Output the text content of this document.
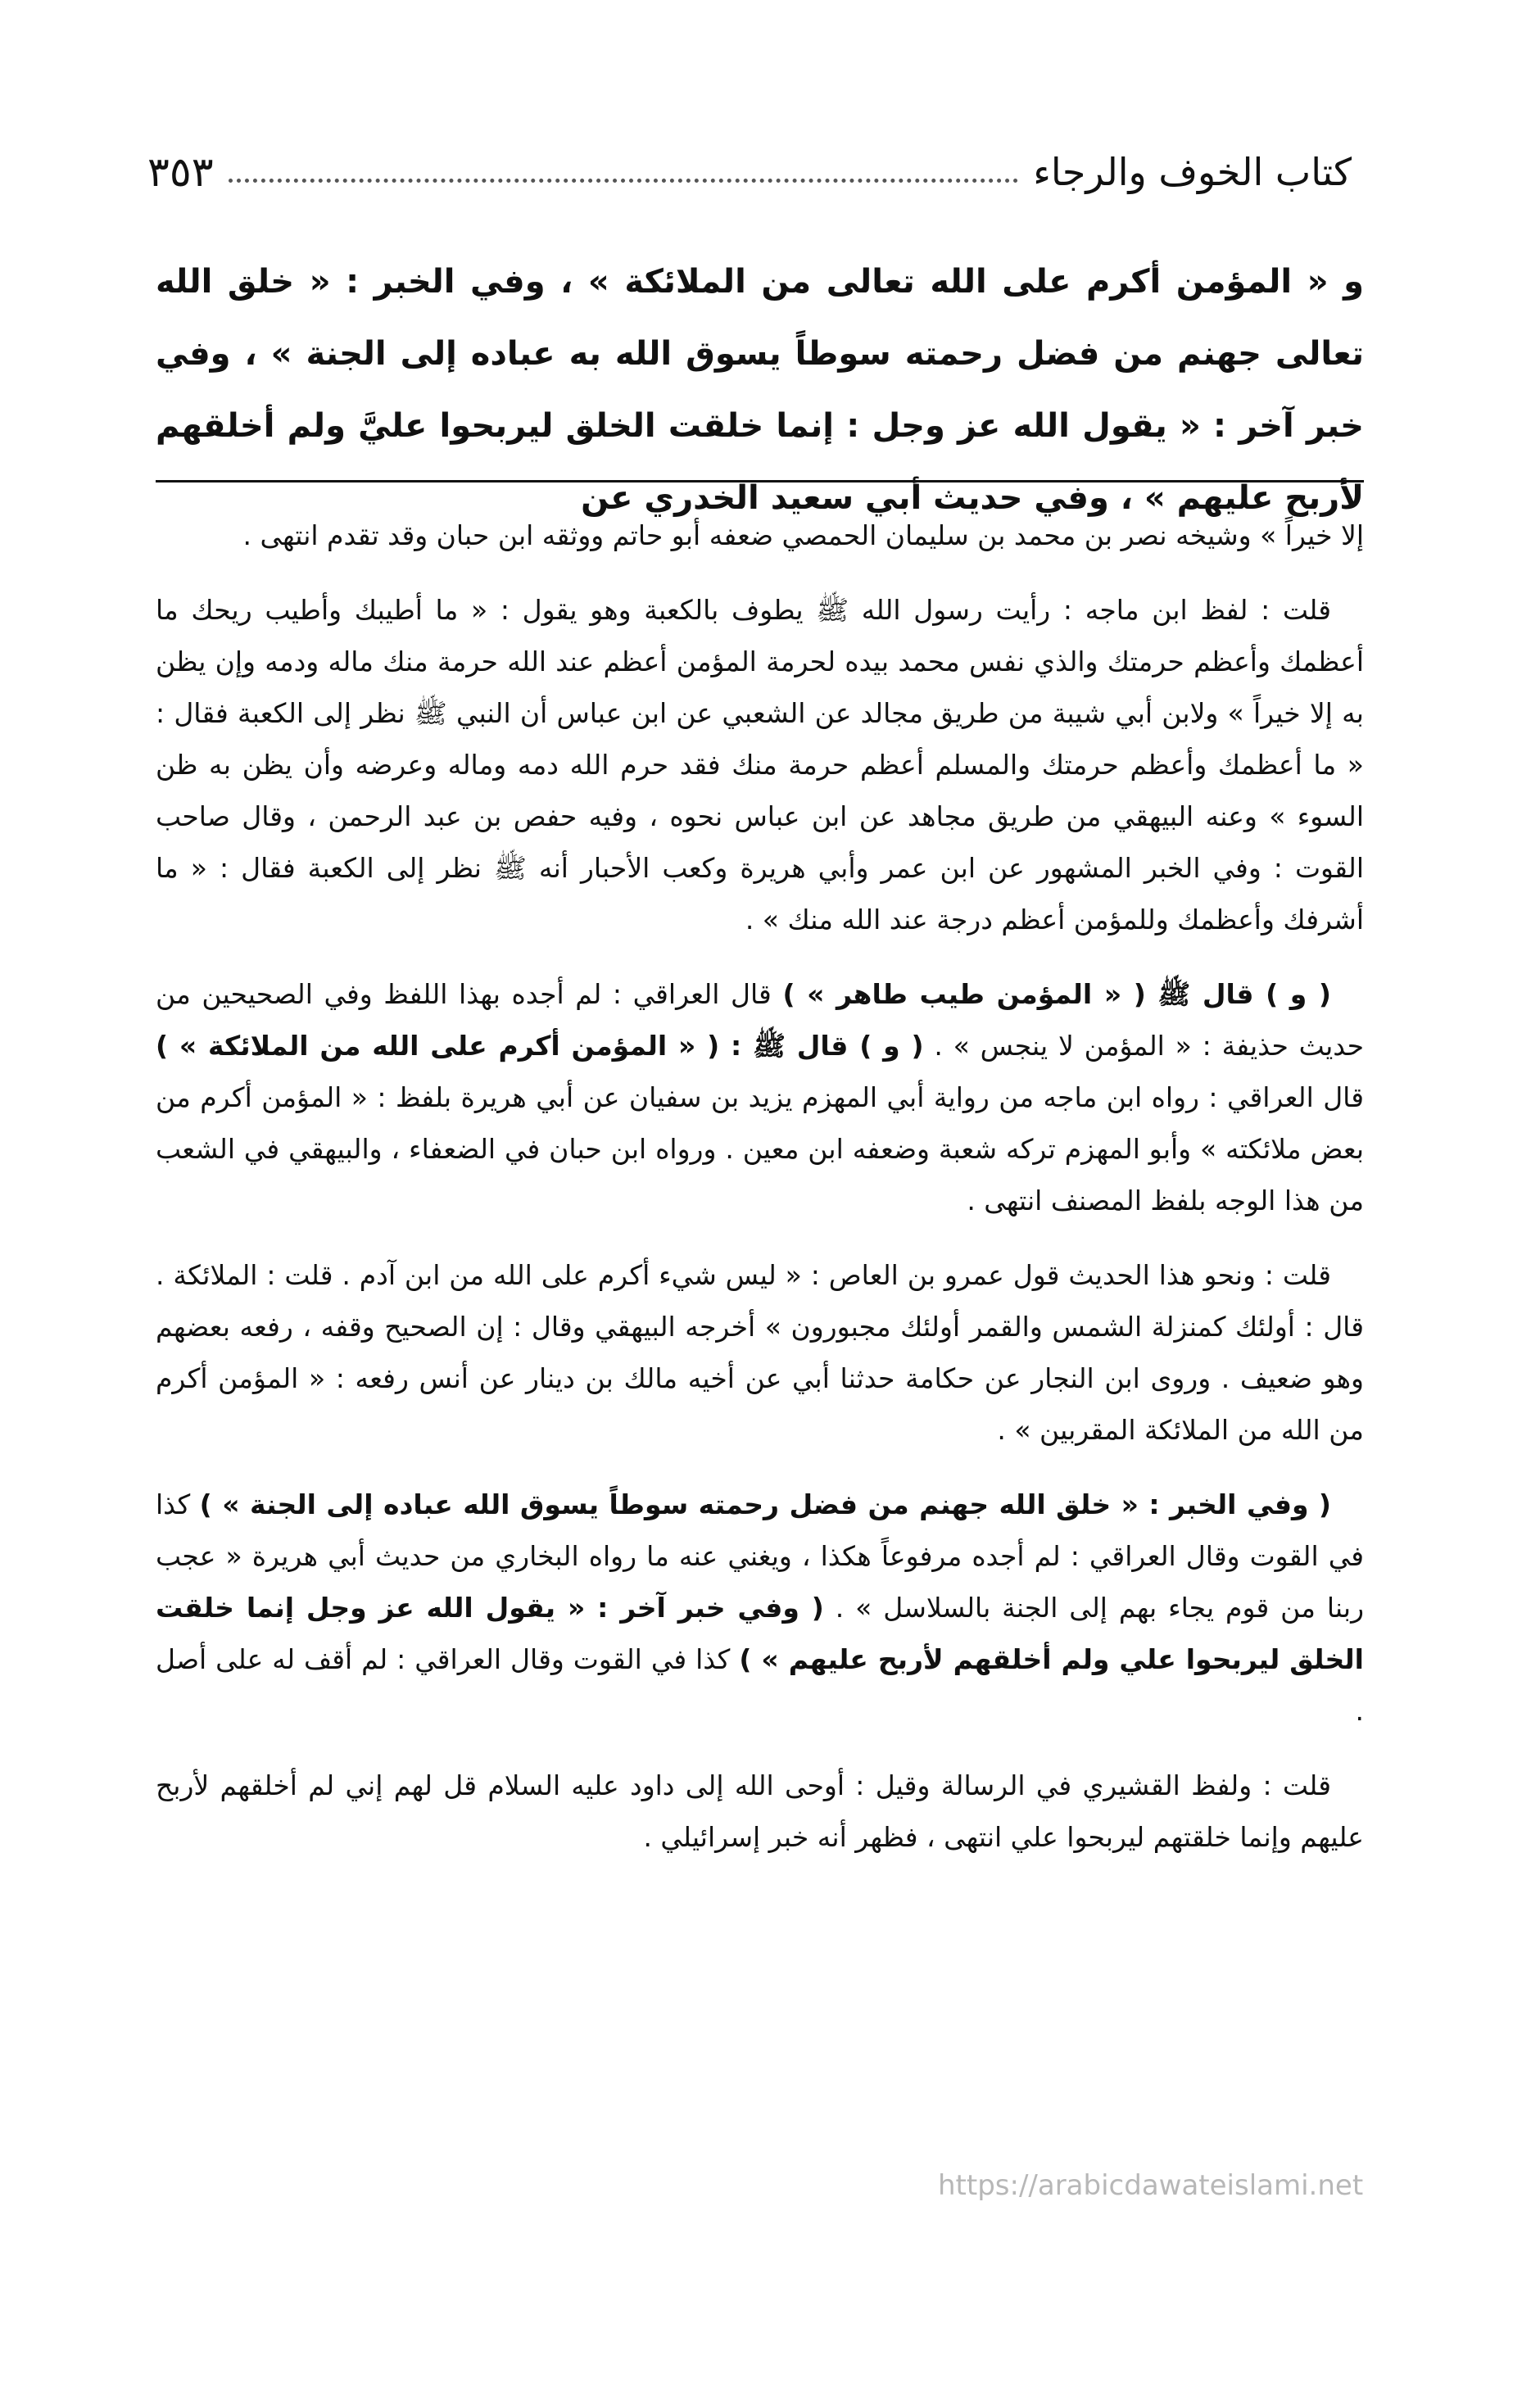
كتاب الخوف والرجاء
٣٥٣
و « المؤمن أكرم على الله تعالى من الملائكة » ، وفي الخبر : « خلق الله تعالى جهنم من فضل رحمته سوطاً يسوق الله به عباده إلى الجنة » ، وفي خبر آخر : « يقول الله عز وجل : إنما خلقت الخلق ليربحوا عليَّ ولم أخلقهم لأربح عليهم » ، وفي حديث أبي سعيد الخدري عن

إلا خيراً » وشيخه نصر بن محمد بن سليمان الحمصي ضعفه أبو حاتم ووثقه ابن حبان وقد تقدم انتهى .

قلت : لفظ ابن ماجه : رأيت رسول الله ﷺ يطوف بالكعبة وهو يقول : « ما أطيبك وأطيب ريحك ما أعظمك وأعظم حرمتك والذي نفس محمد بيده لحرمة المؤمن أعظم عند الله حرمة منك ماله ودمه وإن يظن به إلا خيراً » ولابن أبي شيبة من طريق مجالد عن الشعبي عن ابن عباس أن النبي ﷺ نظر إلى الكعبة فقال : « ما أعظمك وأعظم حرمتك والمسلم أعظم حرمة منك فقد حرم الله دمه وماله وعرضه وأن يظن به ظن السوء » وعنه البيهقي من طريق مجاهد عن ابن عباس نحوه ، وفيه حفص بن عبد الرحمن ، وقال صاحب القوت : وفي الخبر المشهور عن ابن عمر وأبي هريرة وكعب الأحبار أنه ﷺ نظر إلى الكعبة فقال : « ما أشرفك وأعظمك وللمؤمن أعظم درجة عند الله منك » .

( و ) قال ﷺ ( « المؤمن طيب طاهر » ) قال العراقي : لم أجده بهذا اللفظ وفي الصحيحين من حديث حذيفة : « المؤمن لا ينجس » . ( و ) قال ﷺ : ( « المؤمن أكرم على الله من الملائكة » ) قال العراقي : رواه ابن ماجه من رواية أبي المهزم يزيد بن سفيان عن أبي هريرة بلفظ : « المؤمن أكرم من بعض ملائكته » وأبو المهزم تركه شعبة وضعفه ابن معين . ورواه ابن حبان في الضعفاء ، والبيهقي في الشعب من هذا الوجه بلفظ المصنف انتهى .

قلت : ونحو هذا الحديث قول عمرو بن العاص : « ليس شيء أكرم على الله من ابن آدم . قلت : الملائكة . قال : أولئك كمنزلة الشمس والقمر أولئك مجبورون » أخرجه البيهقي وقال : إن الصحيح وقفه ، رفعه بعضهم وهو ضعيف . وروى ابن النجار عن حكامة حدثنا أبي عن أخيه مالك بن دينار عن أنس رفعه : « المؤمن أكرم من الله من الملائكة المقربين » .

( وفي الخبر : « خلق الله جهنم من فضل رحمته سوطاً يسوق الله عباده إلى الجنة » ) كذا في القوت وقال العراقي : لم أجده مرفوعاً هكذا ، ويغني عنه ما رواه البخاري من حديث أبي هريرة « عجب ربنا من قوم يجاء بهم إلى الجنة بالسلاسل » . ( وفي خبر آخر : « يقول الله عز وجل إنما خلقت الخلق ليربحوا علي ولم أخلقهم لأربح عليهم » ) كذا في القوت وقال العراقي : لم أقف له على أصل .

قلت : ولفظ القشيري في الرسالة وقيل : أوحى الله إلى داود عليه السلام قل لهم إني لم أخلقهم لأربح عليهم وإنما خلقتهم ليربحوا علي انتهى ، فظهر أنه خبر إسرائيلي .

https://arabicdawateislami.net
